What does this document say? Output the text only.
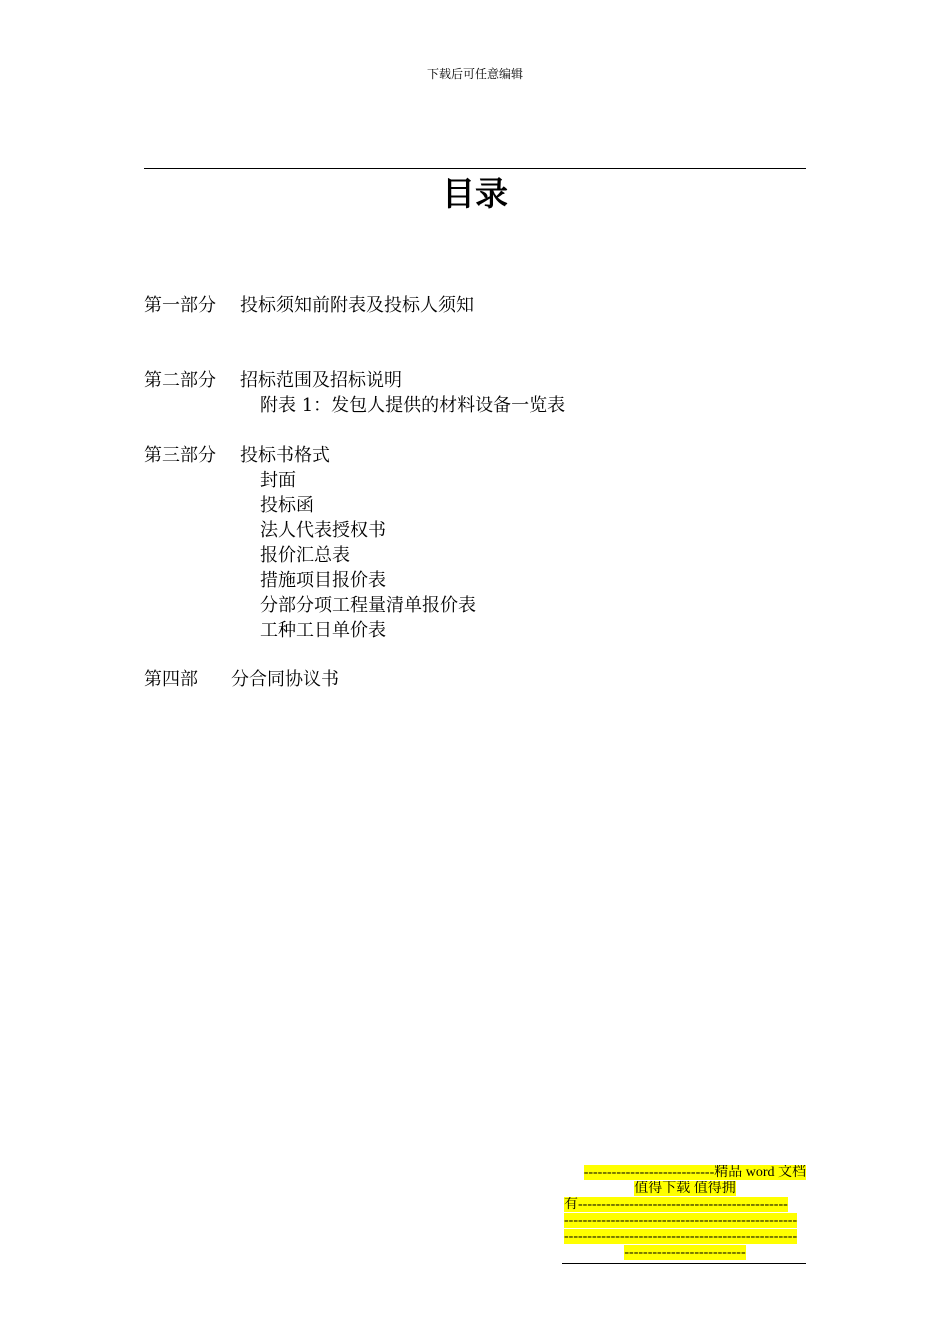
下载后可任意编辑
目录
第一部分 投标须知前附表及投标人须知
第二部分 招标范围及招标说明
附表 1：发包人提供的材料设备一览表
第三部分 投标书格式
封面
投标函
法人代表授权书
报价汇总表
措施项目报价表
分部分项工程量清单报价表
工种工日单价表
第四部 分合同协议书
----------------------------精品 word 文档
值得下载 值得拥
有---------------------------------------------
--------------------------------------------------
--------------------------------------------------
--------------------------
